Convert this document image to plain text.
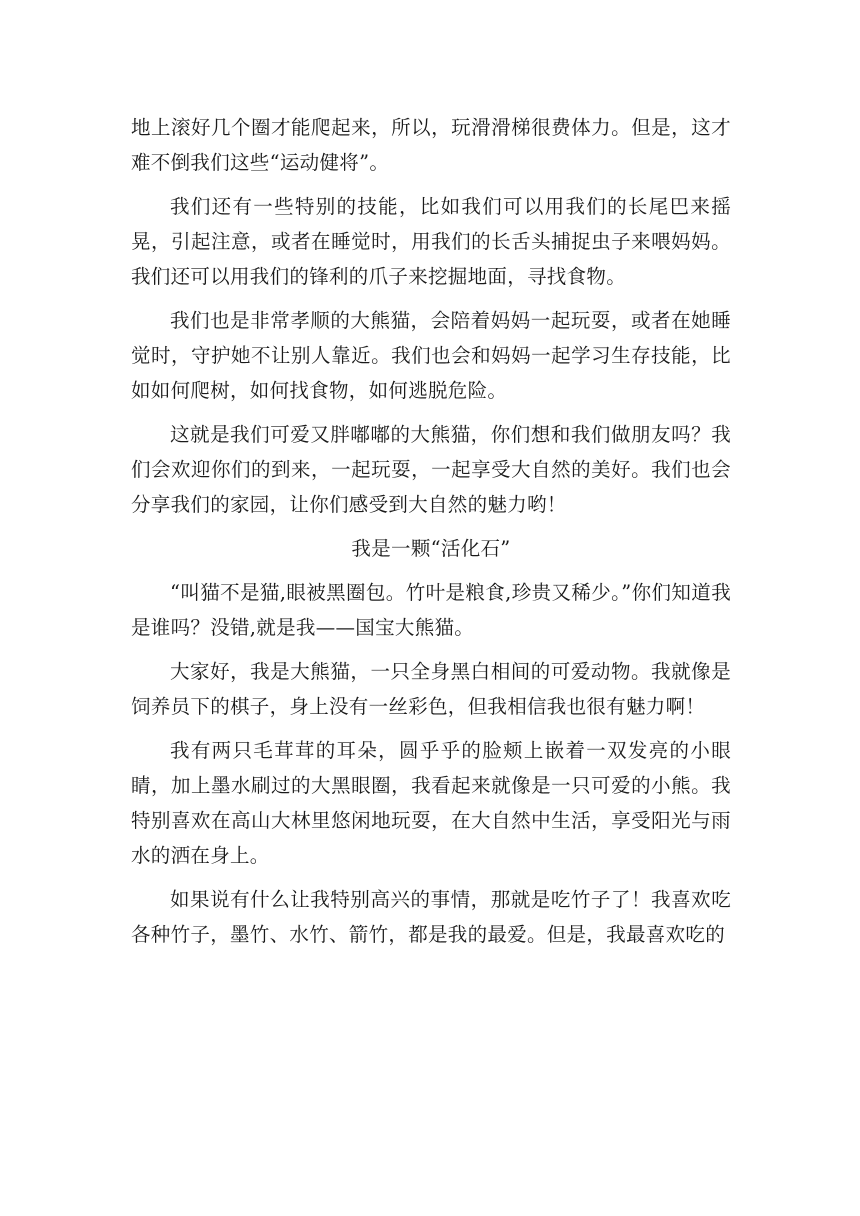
地上滚好几个圈才能爬起来，所以，玩滑滑梯很费体力。但是，这才难不倒我们这些“运动健将”。

我们还有一些特别的技能，比如我们可以用我们的长尾巴来摇晃，引起注意，或者在睡觉时，用我们的长舌头捕捉虫子来喂妈妈。我们还可以用我们的锋利的爪子来挖掘地面，寻找食物。

我们也是非常孝顺的大熊猫，会陪着妈妈一起玩耍，或者在她睡觉时，守护她不让别人靠近。我们也会和妈妈一起学习生存技能，比如如何爬树，如何找食物，如何逃脱危险。

这就是我们可爱又胖嘟嘟的大熊猫，你们想和我们做朋友吗？我们会欢迎你们的到来，一起玩耍，一起享受大自然的美好。我们也会分享我们的家园，让你们感受到大自然的魅力哟！

我是一颗“活化石”

“叫猫不是猫,眼被黑圈包。竹叶是粮食,珍贵又稀少。”你们知道我是谁吗？没错,就是我——国宝大熊猫。

大家好，我是大熊猫，一只全身黑白相间的可爱动物。我就像是饲养员下的棋子，身上没有一丝彩色，但我相信我也很有魅力啊！

我有两只毛茸茸的耳朵，圆乎乎的脸颊上嵌着一双发亮的小眼睛，加上墨水刷过的大黑眼圈，我看起来就像是一只可爱的小熊。我特别喜欢在高山大林里悠闲地玩耍，在大自然中生活，享受阳光与雨水的洒在身上。

如果说有什么让我特别高兴的事情，那就是吃竹子了！我喜欢吃各种竹子，墨竹、水竹、箭竹，都是我的最爱。但是，我最喜欢吃的
